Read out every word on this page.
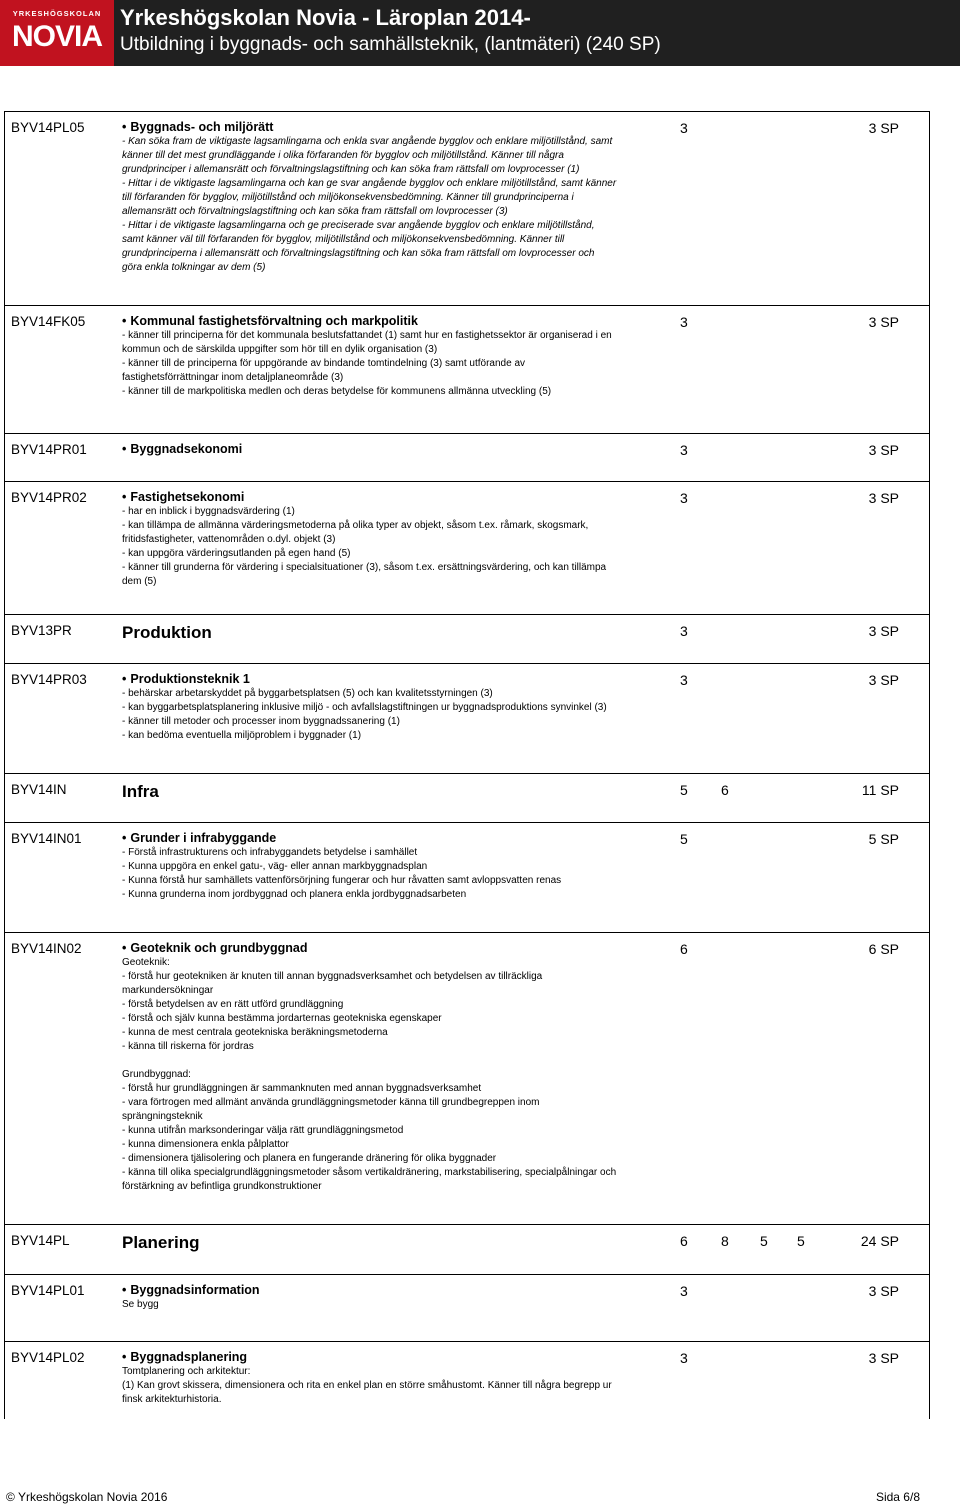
YRKESHÖGSKOLAN
NOVIA
Yrkeshögskolan Novia - Läroplan 2014-
Utbildning i byggnads- och samhällsteknik, (lantmäteri) (240 SP)
BYV14PL05	• Byggnads- och miljörätt
- Kan söka fram de viktigaste lagsamlingarna och enkla svar angående bygglov och enklare miljötillstånd, samt
känner till det mest grundläggande i olika förfaranden för bygglov och miljötillstånd. Känner till några
grundprinciper i allemansrätt och förvaltningslagstiftning och kan söka fram rättsfall om lovprocesser (1)
- Hittar i de viktigaste lagsamlingarna och kan ge svar angående bygglov och enklare miljötillstånd, samt känner
till förfaranden för bygglov, miljötillstånd och miljökonsekvensbedömning. Känner till grundprinciperna i
allemansrätt och förvaltningslagstiftning och kan söka fram rättsfall om lovprocesser (3)
- Hittar i de viktigaste lagsamlingarna och ge preciserade svar angående bygglov och enklare miljötillstånd,
samt känner väl till förfaranden för bygglov, miljötillstånd och miljökonsekvensbedömning. Känner till
grundprinciperna i allemansrätt och förvaltningslagstiftning och kan söka fram rättsfall om lovprocesser och
göra enkla tolkningar av dem (5)
3	3 SP
BYV14FK05	• Kommunal fastighetsförvaltning och markpolitik
- känner till principerna för det kommunala beslutsfattandet (1) samt hur en fastighetssektor är organiserad i en
kommun och de särskilda uppgifter som hör till en dylik organisation (3)
- känner till de principerna för uppgörande av bindande tomtindelning (3) samt utförande av
fastighetsförrättningar inom detaljplaneområde (3)
- känner till de markpolitiska medlen och deras betydelse för kommunens allmänna utveckling (5)
3	3 SP
BYV14PR01	• Byggnadsekonomi	3	3 SP
BYV14PR02	• Fastighetsekonomi
- har en inblick i byggnadsvärdering (1)
- kan tillämpa de allmänna värderingsmetoderna på olika typer av objekt, såsom t.ex. råmark, skogsmark,
fritidsfastigheter, vattenområden o.dyl. objekt (3)
- kan uppgöra värderingsutlanden på egen hand (5)
- känner till grunderna för värdering i specialsituationer (3), såsom t.ex. ersättningsvärdering, och kan tillämpa
dem (5)
3	3 SP
BYV13PR	Produktion	3	3 SP
BYV14PR03	• Produktionsteknik 1
- behärskar arbetarskyddet på byggarbetsplatsen (5) och kan kvalitetsstyrningen (3)
- kan byggarbetsplatsplanering inklusive miljö - och avfallslagstiftningen ur byggnadsproduktions synvinkel (3)
- känner till metoder och processer inom byggnadssanering (1)
- kan bedöma eventuella miljöproblem i byggnader (1)
3	3 SP
BYV14IN	Infra	5 6	11 SP
BYV14IN01	• Grunder i infrabyggande
- Förstå infrastrukturens och infrabyggandets betydelse i samhället
- Kunna uppgöra en enkel gatu-, väg- eller annan markbyggnadsplan
- Kunna förstå hur samhällets vattenförsörjning fungerar och hur råvatten samt avloppsvatten renas
- Kunna grunderna inom jordbyggnad och planera enkla jordbyggnadsarbeten
5	5 SP
BYV14IN02	• Geoteknik och grundbyggnad
Geoteknik:
- förstå hur geotekniken är knuten till annan byggnadsverksamhet och betydelsen av tillräckliga
markundersökningar
- förstå betydelsen av en rätt utförd grundläggning
- förstå och själv kunna bestämma jordarternas geotekniska egenskaper
- kunna de mest centrala geotekniska beräkningsmetoderna
- känna till riskerna för jordras

Grundbyggnad:
- förstå hur grundläggningen är sammanknuten med annan byggnadsverksamhet
- vara förtrogen med allmänt använda grundläggningsmetoder känna till grundbegreppen inom
sprängningsteknik
- kunna utifrån marksonderingar välja rätt grundläggningsmetod
- kunna dimensionera enkla pålplattor
- dimensionera tjälisolering och planera en fungerande dränering för olika byggnader
- känna till olika specialgrundläggningsmetoder såsom vertikaldränering, markstabilisering, specialpålningar och
förstärkning av befintliga grundkonstruktioner
6	6 SP
BYV14PL	Planering	6 8 5 5	24 SP
BYV14PL01	• Byggnadsinformation
Se bygg
3	3 SP
BYV14PL02	• Byggnadsplanering
Tomtplanering och arkitektur:
(1) Kan grovt skissera, dimensionera och rita en enkel plan en större småhustomt. Känner till några begrepp ur
finsk arkitekturhistoria.
3	3 SP
© Yrkeshögskolan Novia 2016	Sida 6/8
